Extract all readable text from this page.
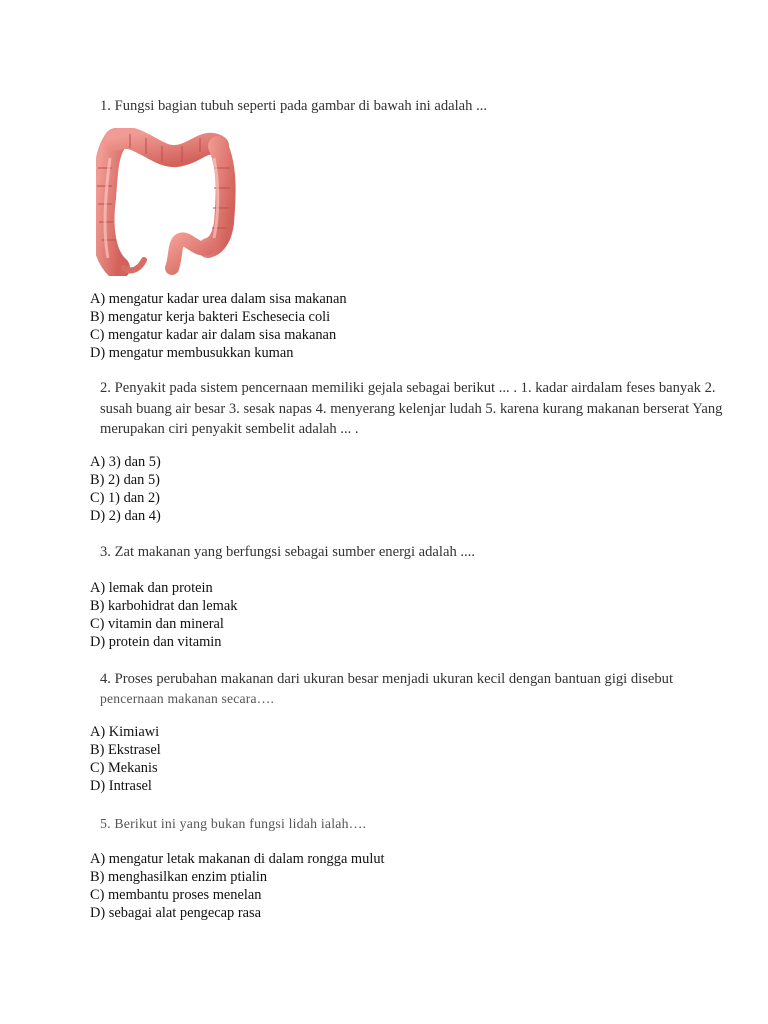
1. Fungsi bagian tubuh seperti pada gambar di bawah ini adalah ...
A) mengatur kadar urea dalam sisa makanan
B) mengatur kerja bakteri Eschesecia coli
C) mengatur kadar air dalam sisa makanan
D) mengatur membusukkan kuman
2. Penyakit pada sistem pencernaan memiliki gejala sebagai berikut ... . 1. kadar airdalam feses banyak 2. susah buang air besar 3. sesak napas 4. menyerang kelenjar ludah 5. karena kurang makanan berserat Yang merupakan ciri penyakit sembelit adalah ... .
A) 3) dan 5)
B) 2) dan 5)
C) 1) dan 2)
D) 2) dan 4)
3. Zat makanan yang berfungsi sebagai sumber energi adalah ....
A) lemak dan protein
B) karbohidrat dan lemak
C) vitamin dan mineral
D) protein dan vitamin
4. Proses perubahan makanan dari ukuran besar menjadi ukuran kecil dengan bantuan gigi disebut
pencernaan makanan secara….
A) Kimiawi
B) Ekstrasel
C) Mekanis
D) Intrasel
5. Berikut ini yang bukan fungsi lidah ialah….
A) mengatur letak makanan di dalam rongga mulut
B) menghasilkan enzim ptialin
C) membantu proses menelan
D) sebagai alat pengecap rasa
